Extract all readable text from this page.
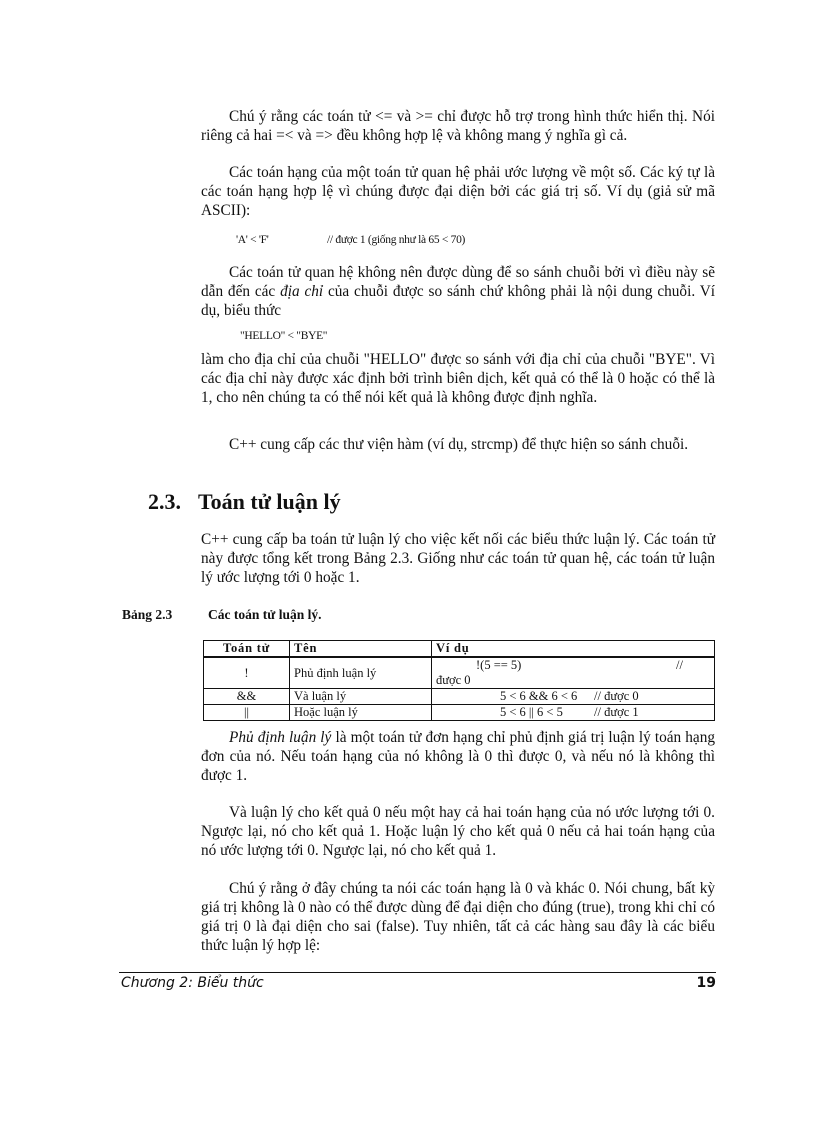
Chú ý rằng các toán tử <= và >= chỉ được hỗ trợ trong hình thức hiển thị. Nói riêng cả hai =< và => đều không hợp lệ và không mang ý nghĩa gì cả.

Các toán hạng của một toán tử quan hệ phải ước lượng về một số. Các ký tự là các toán hạng hợp lệ vì chúng được đại diện bởi các giá trị số. Ví dụ (giả sử mã ASCII):

'A' < 'F'	// được 1 (giống như là 65 < 70)

Các toán tử quan hệ không nên được dùng để so sánh chuỗi bởi vì điều này sẽ dẫn đến các địa chỉ của chuỗi được so sánh chứ không phải là nội dung chuỗi. Ví dụ, biểu thức

"HELLO" < "BYE"

làm cho địa chỉ của chuỗi "HELLO" được so sánh với địa chỉ của chuỗi "BYE". Vì các địa chỉ này được xác định bởi trình biên dịch, kết quả có thể là 0 hoặc có thể là 1, cho nên chúng ta có thể nói kết quả là không được định nghĩa.

C++ cung cấp các thư viện hàm (ví dụ, strcmp) để thực hiện so sánh chuỗi.

2.3. Toán tử luận lý

C++ cung cấp ba toán tử luận lý cho việc kết nối các biểu thức luận lý. Các toán tử này được tổng kết trong Bảng 2.3. Giống như các toán tử quan hệ, các toán tử luận lý ước lượng tới 0 hoặc 1.

Bảng 2.3	Các toán tử luận lý.
Toán tử	Tên	Ví dụ
!	Phủ định luận lý	!(5 == 5) // được 0
&&	Và luận lý	5 < 6 && 6 < 6 // được 0
||	Hoặc luận lý	5 < 6 || 6 < 5 // được 1

Phủ định luận lý là một toán tử đơn hạng chỉ phủ định giá trị luận lý toán hạng đơn của nó. Nếu toán hạng của nó không là 0 thì được 0, và nếu nó là không thì được 1.

Và luận lý cho kết quả 0 nếu một hay cả hai toán hạng của nó ước lượng tới 0. Ngược lại, nó cho kết quả 1. Hoặc luận lý cho kết quả 0 nếu cả hai toán hạng của nó ước lượng tới 0. Ngược lại, nó cho kết quả 1.

Chú ý rằng ở đây chúng ta nói các toán hạng là 0 và khác 0. Nói chung, bất kỳ giá trị không là 0 nào có thể được dùng để đại diện cho đúng (true), trong khi chỉ có giá trị 0 là đại diện cho sai (false). Tuy nhiên, tất cả các hàng sau đây là các biểu thức luận lý hợp lệ:

Chương 2: Biểu thức	19
